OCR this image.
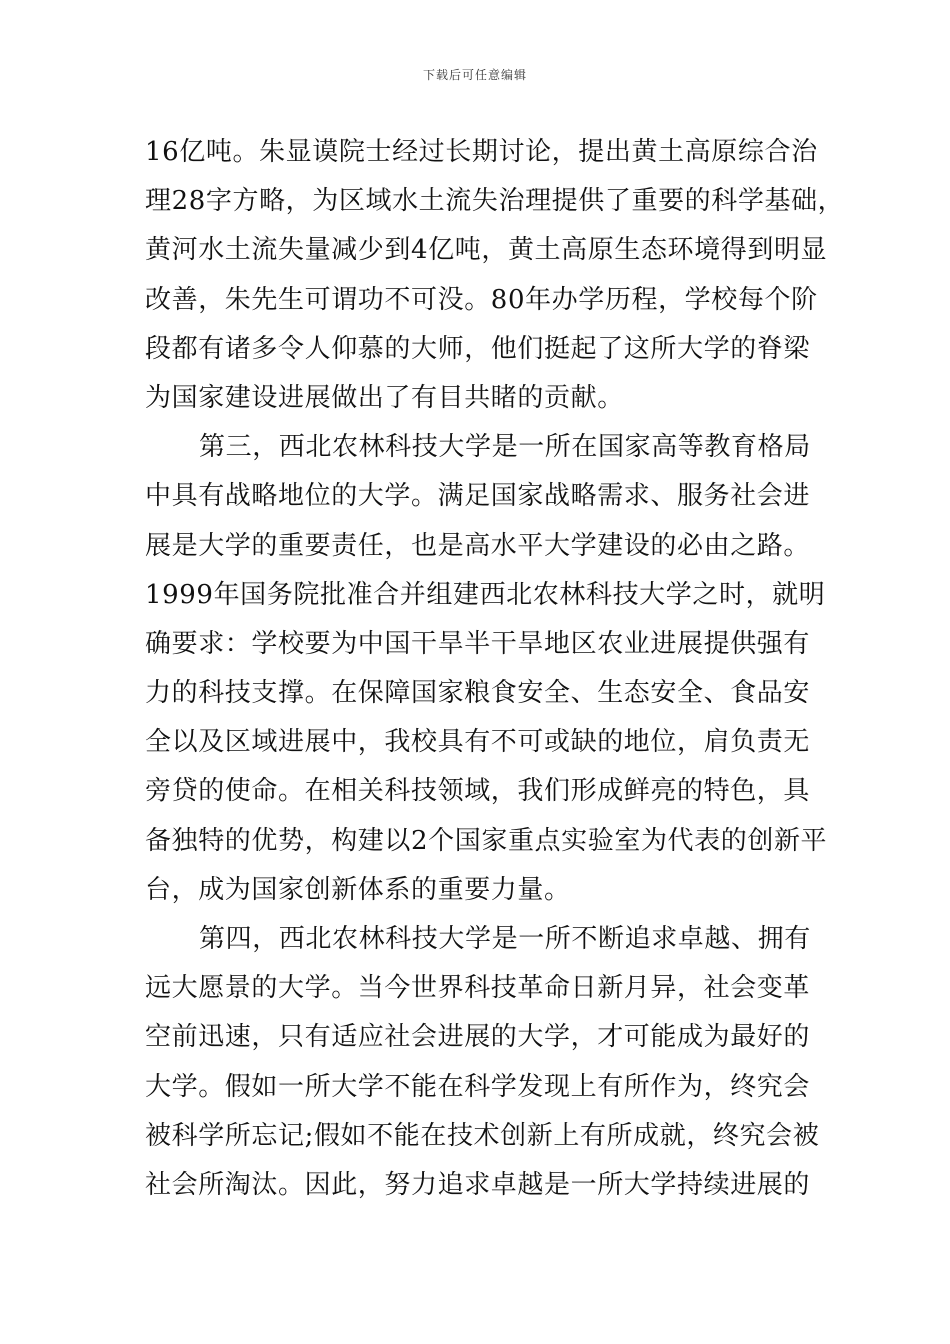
下载后可任意编辑
16亿吨。朱显谟院士经过长期讨论，提出黄土高原综合治
理28字方略，为区域水土流失治理提供了重要的科学基础，
黄河水土流失量减少到4亿吨，黄土高原生态环境得到明显
改善，朱先生可谓功不可没。80年办学历程，学校每个阶
段都有诸多令人仰慕的大师，他们挺起了这所大学的脊梁
为国家建设进展做出了有目共睹的贡献。
第三，西北农林科技大学是一所在国家高等教育格局
中具有战略地位的大学。满足国家战略需求、服务社会进
展是大学的重要责任，也是高水平大学建设的必由之路。
1999年国务院批准合并组建西北农林科技大学之时，就明
确要求：学校要为中国干旱半干旱地区农业进展提供强有
力的科技支撑。在保障国家粮食安全、生态安全、食品安
全以及区域进展中，我校具有不可或缺的地位，肩负责无
旁贷的使命。在相关科技领域，我们形成鲜亮的特色，具
备独特的优势，构建以2个国家重点实验室为代表的创新平
台，成为国家创新体系的重要力量。
第四，西北农林科技大学是一所不断追求卓越、拥有
远大愿景的大学。当今世界科技革命日新月异，社会变革
空前迅速，只有适应社会进展的大学，才可能成为最好的
大学。假如一所大学不能在科学发现上有所作为，终究会
被科学所忘记;假如不能在技术创新上有所成就，终究会被
社会所淘汰。因此，努力追求卓越是一所大学持续进展的
